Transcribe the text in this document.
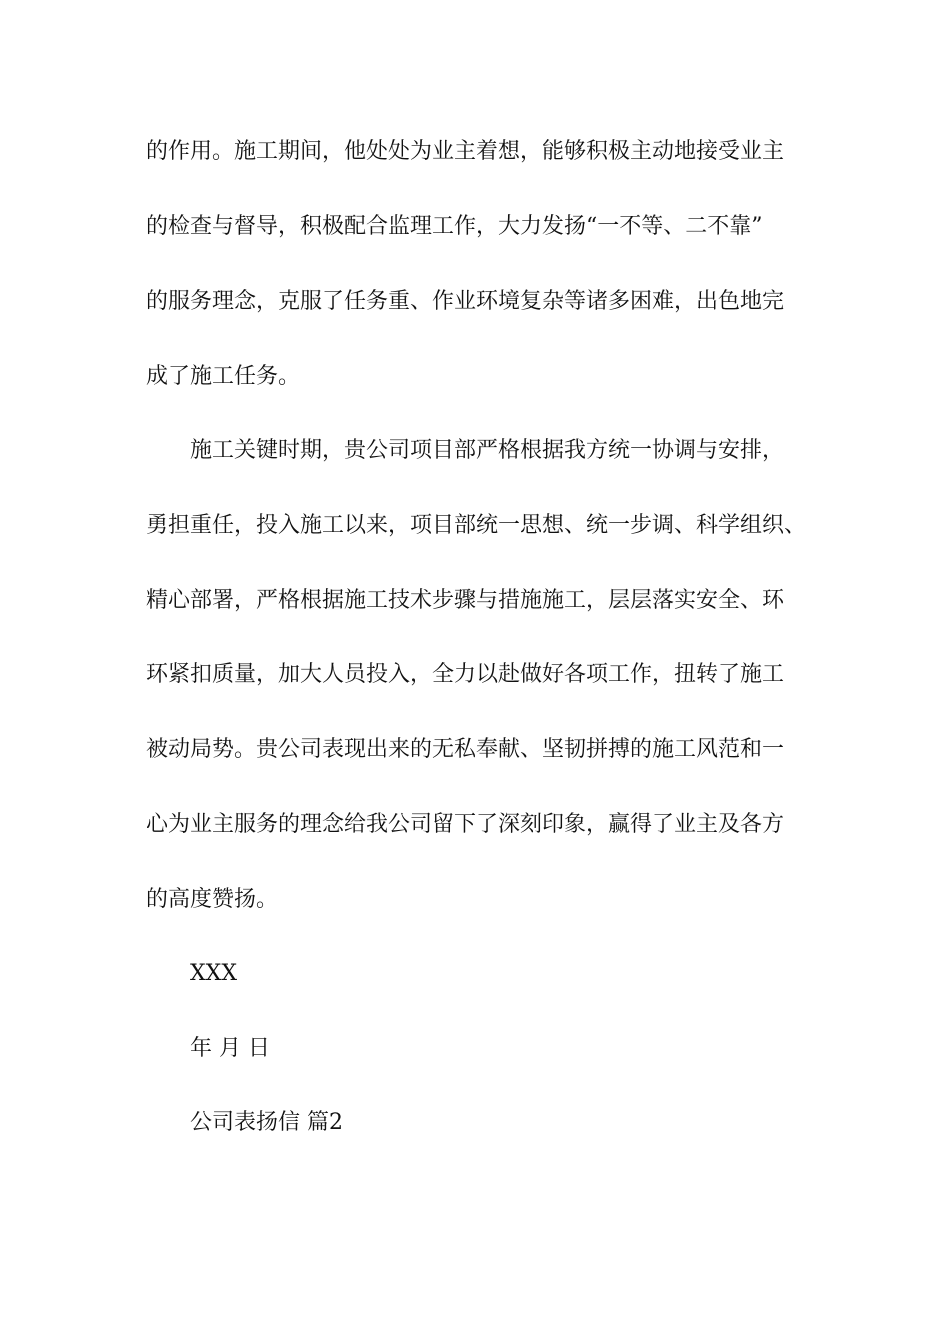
的作用。施工期间，他处处为业主着想，能够积极主动地接受业主
的检查与督导，积极配合监理工作，大力发扬“一不等、二不靠”
的服务理念，克服了任务重、作业环境复杂等诸多困难，出色地完
成了施工任务。
施工关键时期，贵公司项目部严格根据我方统一协调与安排，
勇担重任，投入施工以来，项目部统一思想、统一步调、科学组织、
精心部署，严格根据施工技术步骤与措施施工，层层落实安全、环
环紧扣质量，加大人员投入，全力以赴做好各项工作，扭转了施工
被动局势。贵公司表现出来的无私奉献、坚韧拼搏的施工风范和一
心为业主服务的理念给我公司留下了深刻印象，赢得了业主及各方
的高度赞扬。
XXX
年 月 日
公司表扬信 篇2
